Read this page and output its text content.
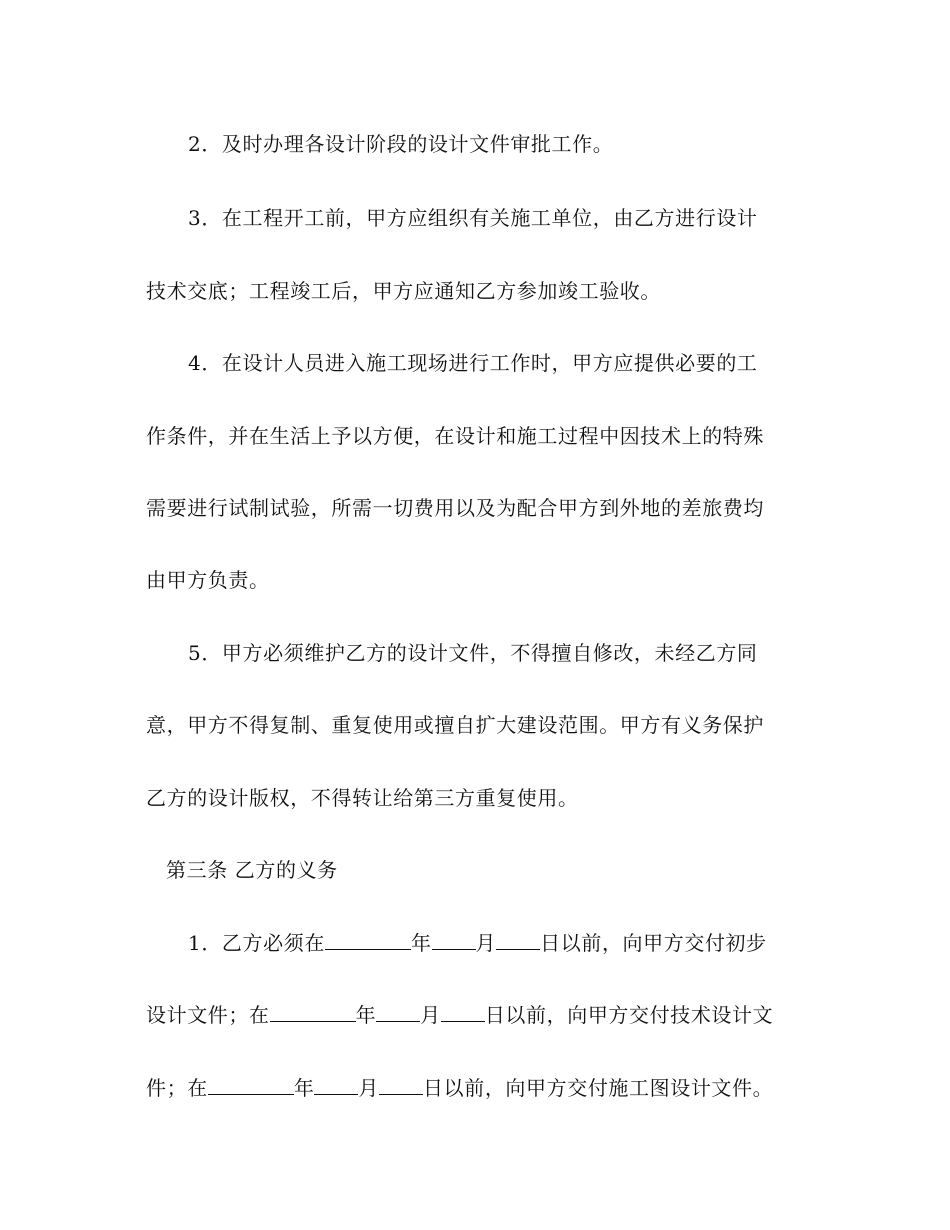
2．及时办理各设计阶段的设计文件审批工作。
3．在工程开工前，甲方应组织有关施工单位，由乙方进行设计
技术交底；工程竣工后，甲方应通知乙方参加竣工验收。
4．在设计人员进入施工现场进行工作时，甲方应提供必要的工
作条件，并在生活上予以方便，在设计和施工过程中因技术上的特殊
需要进行试制试验，所需一切费用以及为配合甲方到外地的差旅费均
由甲方负责。
5．甲方必须维护乙方的设计文件，不得擅自修改，未经乙方同
意，甲方不得复制、重复使用或擅自扩大建设范围。甲方有义务保护
乙方的设计版权，不得转让给第三方重复使用。
第三条 乙方的义务
1．乙方必须在	年 月 日以前，向甲方交付初步
设计文件；在	年 月 日以前，向甲方交付技术设计文
件；在	年 月 日以前，向甲方交付施工图设计文件。
